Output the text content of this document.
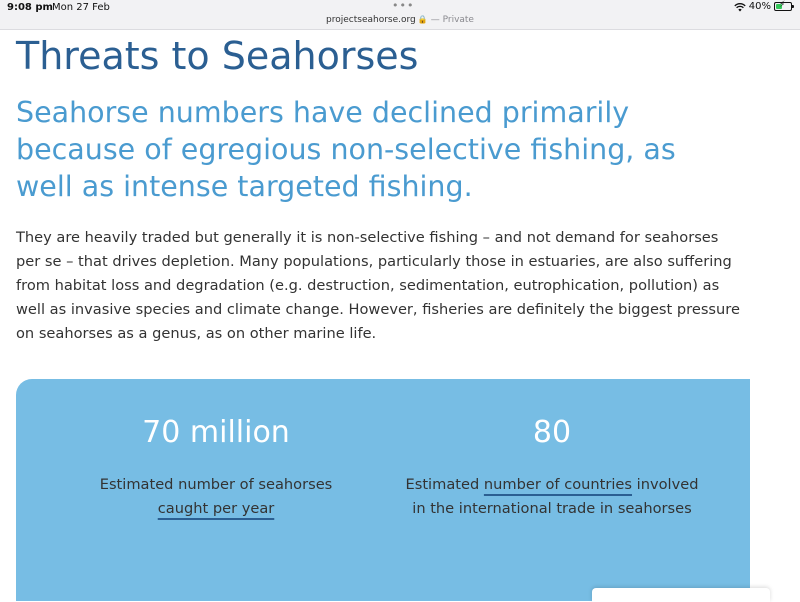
9:08 pm Mon 27 Feb	•••
projectseahorse.org 🔒 — Private
40% ⚡
Threats to Seahorses
Seahorse numbers have declined primarily because of egregious non-selective fishing, as well as intense targeted fishing.

They are heavily traded but generally it is non-selective fishing – and not demand for seahorses per se – that drives depletion. Many populations, particularly those in estuaries, are also suffering from habitat loss and degradation (e.g. destruction, sedimentation, eutrophication, pollution) as well as invasive species and climate change. However, fisheries are definitely the biggest pressure on seahorses as a genus, as on other marine life.

70 million
Estimated number of seahorses
caught per year
80
Estimated number of countries involved in the international trade in seahorses
